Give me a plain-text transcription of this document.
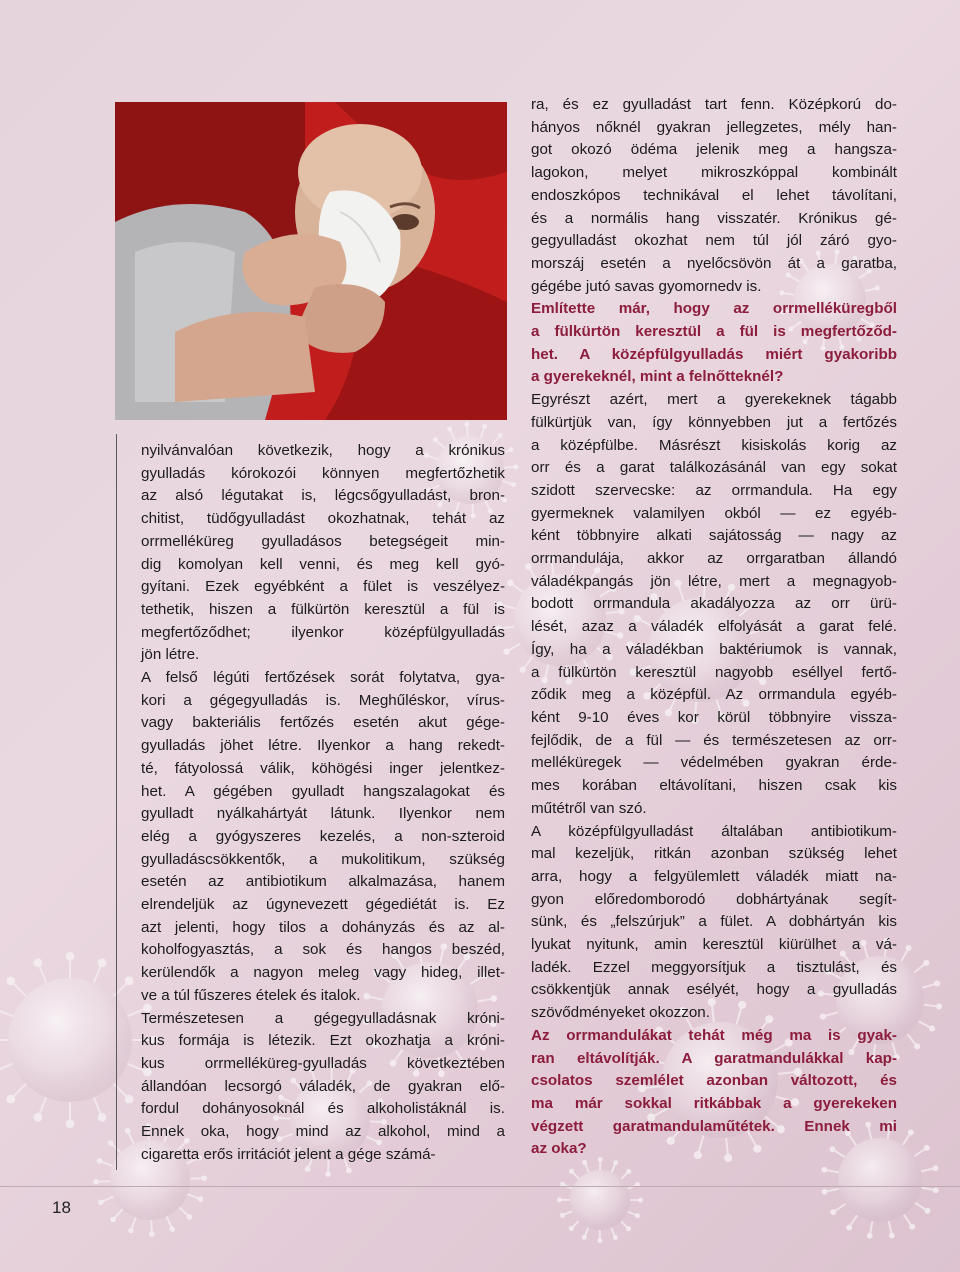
nyilvánvalóan következik, hogy a krónikus

gyulladás kórokozói könnyen megfertőzhetik

az alsó légutakat is, légcsőgyulladást, bron-

chitist, tüdőgyulladást okozhatnak, tehát az

orrmelléküreg gyulladásos betegségeit min-

dig komolyan kell venni, és meg kell gyó-

gyítani. Ezek egyébként a fület is veszélyez-

tethetik, hiszen a fülkürtön keresztül a fül is

megfertőződhet; ilyenkor középfülgyulladás

jön létre.

A felső légúti fertőzések sorát folytatva, gya-

kori a gégegyulladás is. Meghűléskor, vírus-

vagy bakteriális fertőzés esetén akut gége-

gyulladás jöhet létre. Ilyenkor a hang rekedt-

té, fátyolossá válik, köhögési inger jelentkez-

het. A gégében gyulladt hangszalagokat és

gyulladt nyálkahártyát látunk. Ilyenkor nem

elég a gyógyszeres kezelés, a non-szteroid

gyulladáscsökkentők, a mukolitikum, szükség

esetén az antibiotikum alkalmazása, hanem

elrendeljük az úgynevezett gégediétát is. Ez

azt jelenti, hogy tilos a dohányzás és az al-

koholfogyasztás, a sok és hangos beszéd,

kerülendők a nagyon meleg vagy hideg, illet-

ve a túl fűszeres ételek és italok.

Természetesen a gégegyulladásnak króni-

kus formája is létezik. Ezt okozhatja a króni-

kus orrmelléküreg-gyulladás következtében

állandóan lecsorgó váladék, de gyakran elő-

fordul dohányosoknál és alkoholistáknál is.

Ennek oka, hogy mind az alkohol, mind a

cigaretta erős irritációt jelent a gége számá-

ra, és ez gyulladást tart fenn. Középkorú do-

hányos nőknél gyakran jellegzetes, mély han-

got okozó ödéma jelenik meg a hangsza-

lagokon, melyet mikroszkóppal kombinált

endoszkópos technikával el lehet távolítani,

és a normális hang visszatér. Krónikus gé-

gegyulladást okozhat nem túl jól záró gyo-

morszáj esetén a nyelőcsövön át a garatba,

gégébe jutó savas gyomornedv is.

Említette már, hogy az orrmelléküregből

a fülkürtön keresztül a fül is megfertőződ-

het. A középfülgyulladás miért gyakoribb

a gyerekeknél, mint a felnőtteknél?

Egyrészt azért, mert a gyerekeknek tágabb

fülkürtjük van, így könnyebben jut a fertőzés

a középfülbe. Másrészt kisiskolás korig az

orr és a garat találkozásánál van egy sokat

szidott szervecske: az orrmandula. Ha egy

gyermeknek valamilyen okból — ez egyéb-

ként többnyire alkati sajátosság — nagy az

orrmandulája, akkor az orrgaratban állandó

váladékpangás jön létre, mert a megnagyob-

bodott orrmandula akadályozza az orr ürü-

lését, azaz a váladék elfolyását a garat felé.

Így, ha a váladékban baktériumok is vannak,

a fülkürtön keresztül nagyobb eséllyel fertő-

ződik meg a középfül. Az orrmandula egyéb-

ként 9-10 éves kor körül többnyire vissza-

fejlődik, de a fül — és természetesen az orr-

melléküregek — védelmében gyakran érde-

mes korában eltávolítani, hiszen csak kis

műtétről van szó.

A középfülgyulladást általában antibiotikum-

mal kezeljük, ritkán azonban szükség lehet

arra, hogy a felgyülemlett váladék miatt na-

gyon előredomborodó dobhártyának segít-

sünk, és „felszúrjuk” a fület. A dobhártyán kis

lyukat nyitunk, amin keresztül kiürülhet a vá-

ladék. Ezzel meggyorsítjuk a tisztulást, és

csökkentjük annak esélyét, hogy a gyulladás

szövődményeket okozzon.

Az orrmandulákat tehát még ma is gyak-

ran eltávolítják. A garatmandulákkal kap-

csolatos szemlélet azonban változott, és

ma már sokkal ritkábbak a gyerekeken

végzett garatmandulaműtétek. Ennek mi

az oka?

18
